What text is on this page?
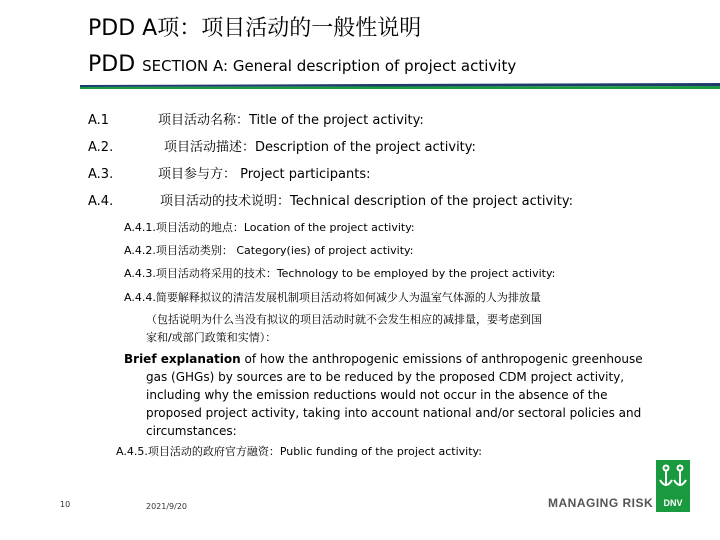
PDD A项：项目活动的一般性说明
PDD SECTION A: General description of project activity
A.1	项目活动名称：Title of the project activity:
A.2.	项目活动描述：Description of the project activity:
A.3.	项目参与方： Project participants:
A.4.	项目活动的技术说明：Technical description of the project activity:
A.4.1.项目活动的地点：Location of the project activity:
A.4.2.项目活动类别： Category(ies) of project activity:
A.4.3.项目活动将采用的技术：Technology to be employed by the project activity:
A.4.4.简要解释拟议的清洁发展机制项目活动将如何减少人为温室气体源的人为排放量
（包括说明为什么当没有拟议的项目活动时就不会发生相应的减排量，要考虑到国
家和/或部门政策和实情）：
Brief explanation of how the anthropogenic emissions of anthropogenic greenhouse
gas (GHGs) by sources are to be reduced by the proposed CDM project activity,
including why the emission reductions would not occur in the absence of the
proposed project activity, taking into account national and/or sectoral policies and
circumstances:
A.4.5.项目活动的政府官方融资：Public funding of the project activity:
10	2021/9/20	MANAGING RISK	DNV
